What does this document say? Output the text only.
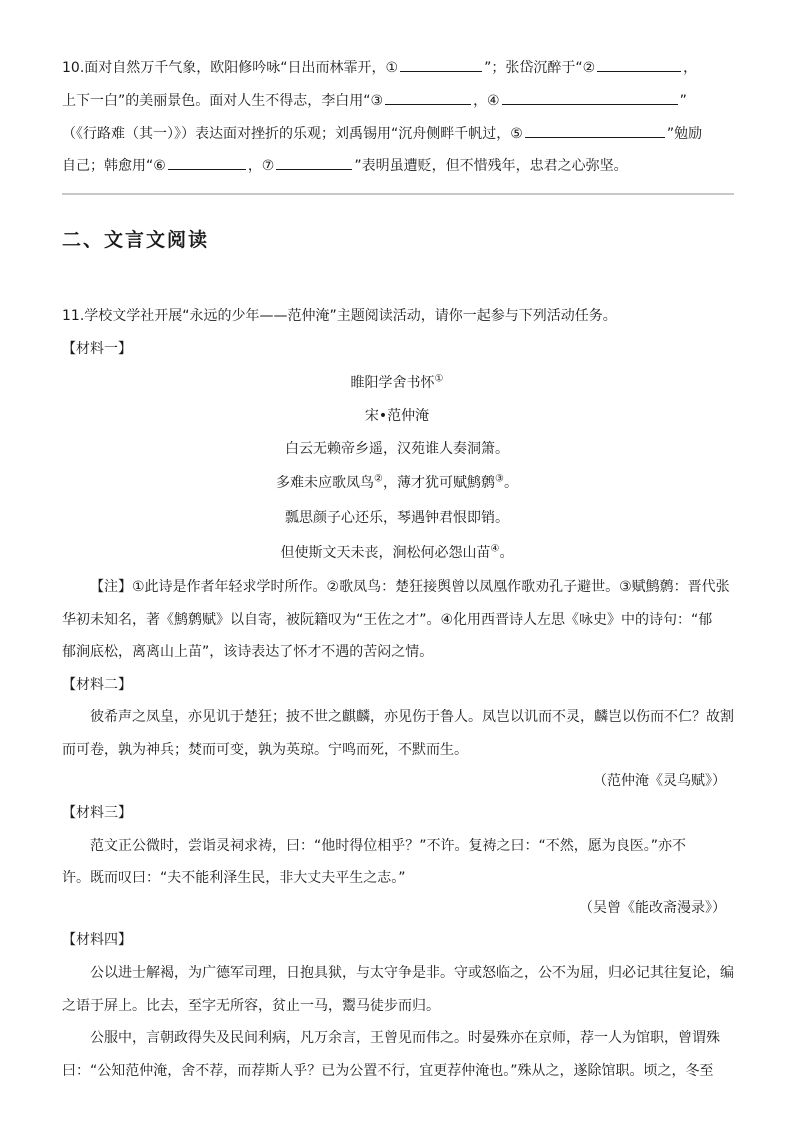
10.面对自然万千气象，欧阳修吟咏“日出而林霏开，①	”；张岱沉醉于“②	，
上下一白”的美丽景色。面对人生不得志，李白用“③	，④	”
（《行路难（其一）》）表达面对挫折的乐观；刘禹锡用“沉舟侧畔千帆过，⑤	”勉励
自己；韩愈用“⑥	，⑦	”表明虽遭贬，但不惜残年，忠君之心弥坚。
二、文言文阅读
11.学校文学社开展“永远的少年——范仲淹”主题阅读活动，请你一起参与下列活动任务。
【材料一】
睢阳学舍书怀①
宋•范仲淹
白云无赖帝乡遥，汉苑谁人奏洞箫。
多难未应歌凤鸟②，薄才犹可赋鹪鹩③。
瓢思颜子心还乐，琴遇钟君恨即销。
但使斯文天未丧，涧松何必怨山苗④。
【注】①此诗是作者年轻求学时所作。②歌凤鸟：楚狂接舆曾以凤凰作歌劝孔子避世。③赋鹪鹩：晋代张
华初未知名，著《鹪鹩赋》以自寄，被阮籍叹为“王佐之才”。④化用西晋诗人左思《咏史》中的诗句：“郁
郁涧底松，离离山上苗”，该诗表达了怀才不遇的苦闷之情。
【材料二】
彼希声之凤皇，亦见讥于楚狂；披不世之麒麟，亦见伤于鲁人。凤岂以讥而不灵，麟岂以伤而不仁？故割
而可卷，孰为神兵；焚而可变，孰为英琼。宁鸣而死，不默而生。
（范仲淹《灵乌赋》）
【材料三】
范文正公微时，尝诣灵祠求祷，曰：“他时得位相乎？”不许。复祷之曰：“不然，愿为良医。”亦不
许。既而叹曰：“夫不能利泽生民，非大丈夫平生之志。”
（吴曾《能改斋漫录》）
【材料四】
公以进士解褐，为广德军司理，日抱具狱，与太守争是非。守或怒临之，公不为屈，归必记其往复论，编
之语于屏上。比去，至字无所容，贫止一马，鬻马徒步而归。
公服中，言朝政得失及民间利病，凡万余言，王曾见而伟之。时晏殊亦在京师，荐一人为馆职，曾谓殊
曰：“公知范仲淹，舍不荐，而荐斯人乎？已为公置不行，宜更荐仲淹也。”殊从之，遂除馆职。顷之，冬至
